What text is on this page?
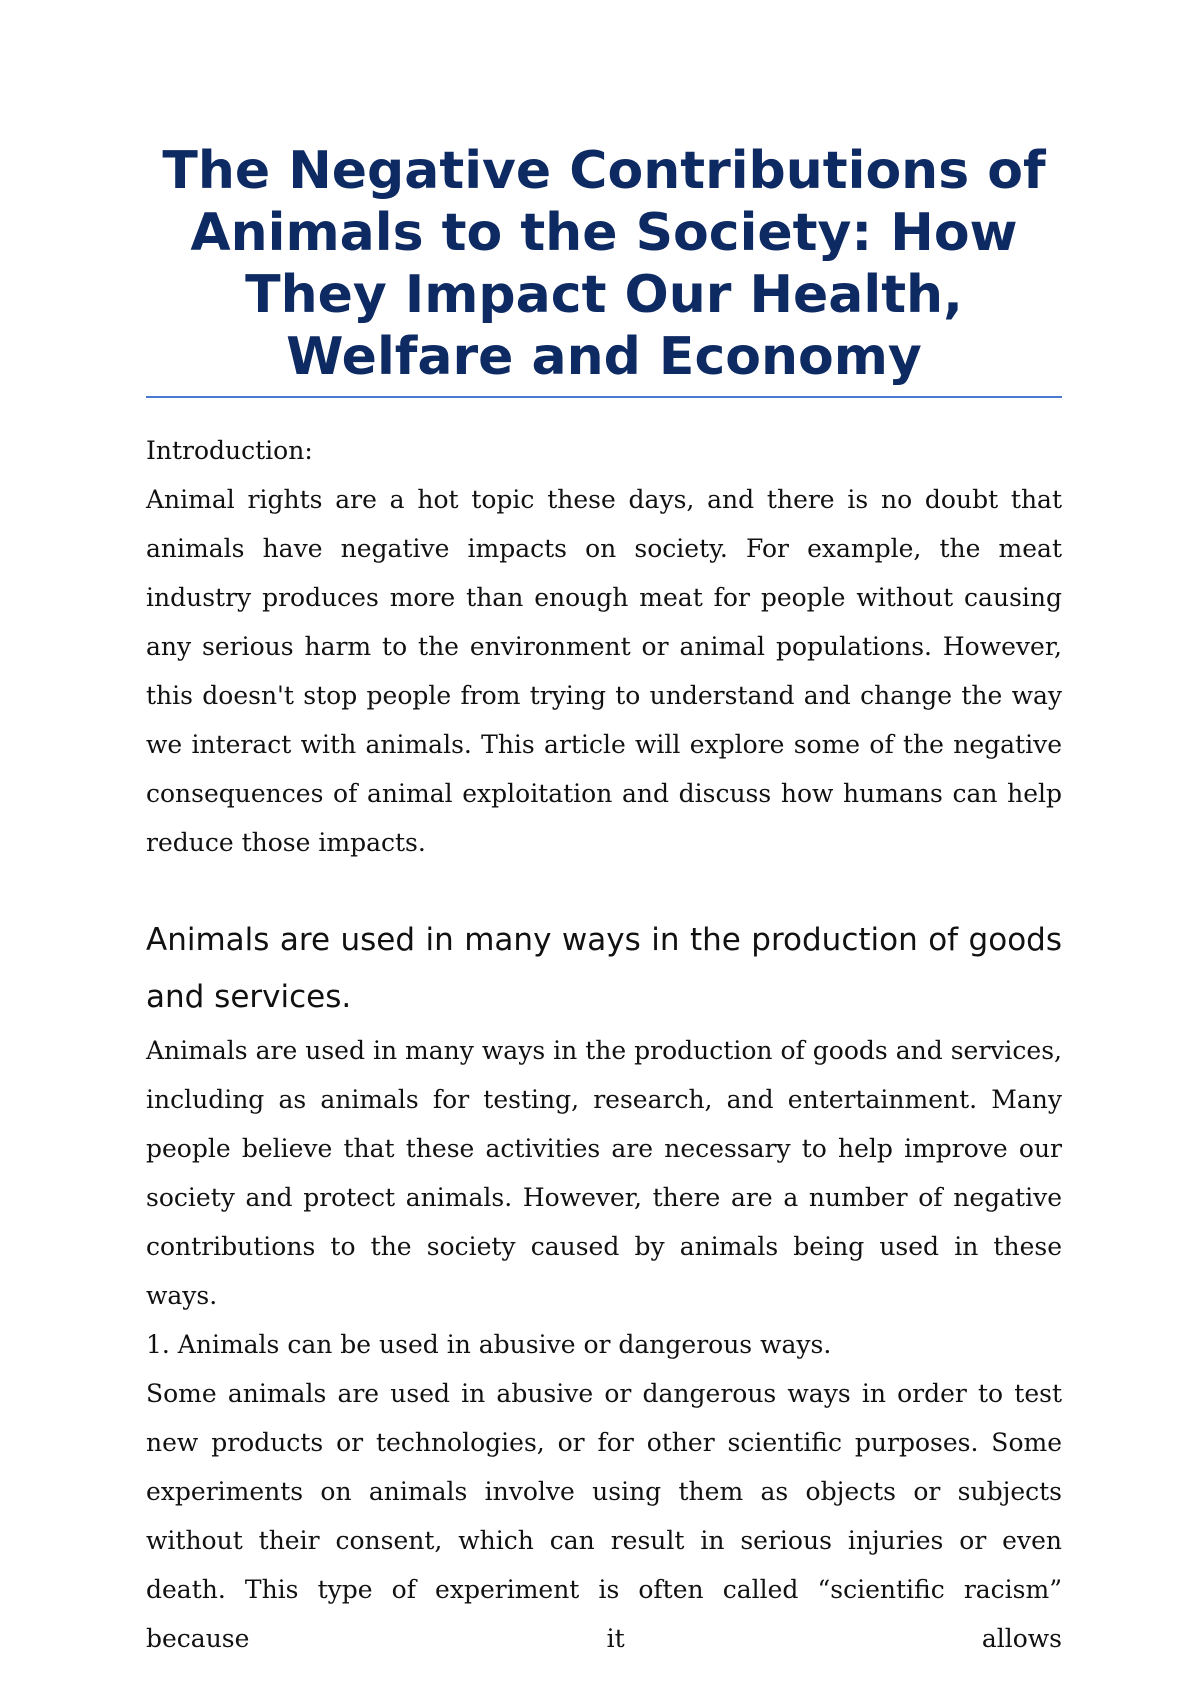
The Negative Contributions of Animals to the Society: How They Impact Our Health, Welfare and Economy

Introduction:

Animal rights are a hot topic these days, and there is no doubt that animals have negative impacts on society. For example, the meat industry produces more than enough meat for people without causing any serious harm to the environment or animal populations. However, this doesn't stop people from trying to understand and change the way we interact with animals. This article will explore some of the negative consequences of animal exploitation and discuss how humans can help reduce those impacts.

Animals are used in many ways in the production of goods and services.

Animals are used in many ways in the production of goods and services, including as animals for testing, research, and entertainment. Many people believe that these activities are necessary to help improve our society and protect animals. However, there are a number of negative contributions to the society caused by animals being used in these ways.

1. Animals can be used in abusive or dangerous ways.

Some animals are used in abusive or dangerous ways in order to test new products or technologies, or for other scientific purposes. Some experiments on animals involve using them as objects or subjects without their consent, which can result in serious injuries or even death. This type of experiment is often called “scientific racism” because it allows
